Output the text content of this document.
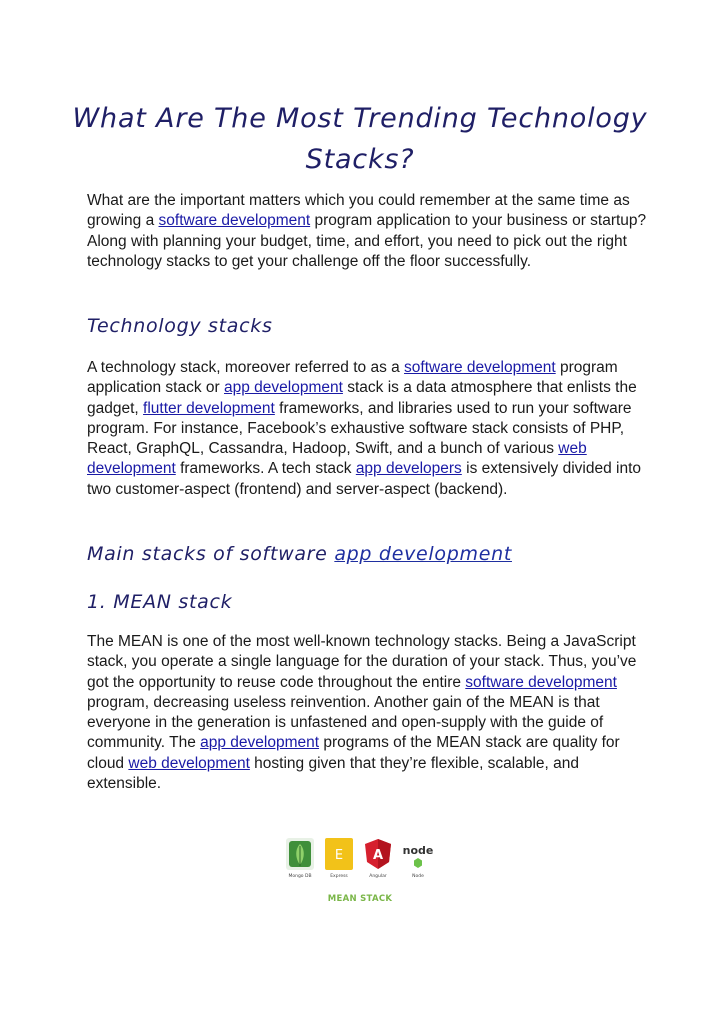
What Are The Most Trending Technology Stacks?

What are the important matters which you could remember at the same time as growing a software development program application to your business or startup? Along with planning your budget, time, and effort, you need to pick out the right technology stacks to get your challenge off the floor successfully.

Technology stacks

A technology stack, moreover referred to as a software development program application stack or app development stack is a data atmosphere that enlists the gadget, flutter development frameworks, and libraries used to run your software program. For instance, Facebook’s exhaustive software stack consists of PHP, React, GraphQL, Cassandra, Hadoop, Swift, and a bunch of various web development frameworks. A tech stack app developers is extensively divided into two customer-aspect (frontend) and server-aspect (backend).

Main stacks of software app development
1. MEAN stack

The MEAN is one of the most well-known technology stacks. Being a JavaScript stack, you operate a single language for the duration of your stack. Thus, you’ve got the opportunity to reuse code throughout the entire software development program, decreasing useless reinvention. Another gain of the MEAN is that everyone in the generation is unfastened and open-supply with the guide of community. The app development programs of the MEAN stack are quality for cloud web development hosting given that they’re flexible, scalable, and extensible.

Mongo DB
E
Express
A
Angular
node
Node
MEAN STACK
